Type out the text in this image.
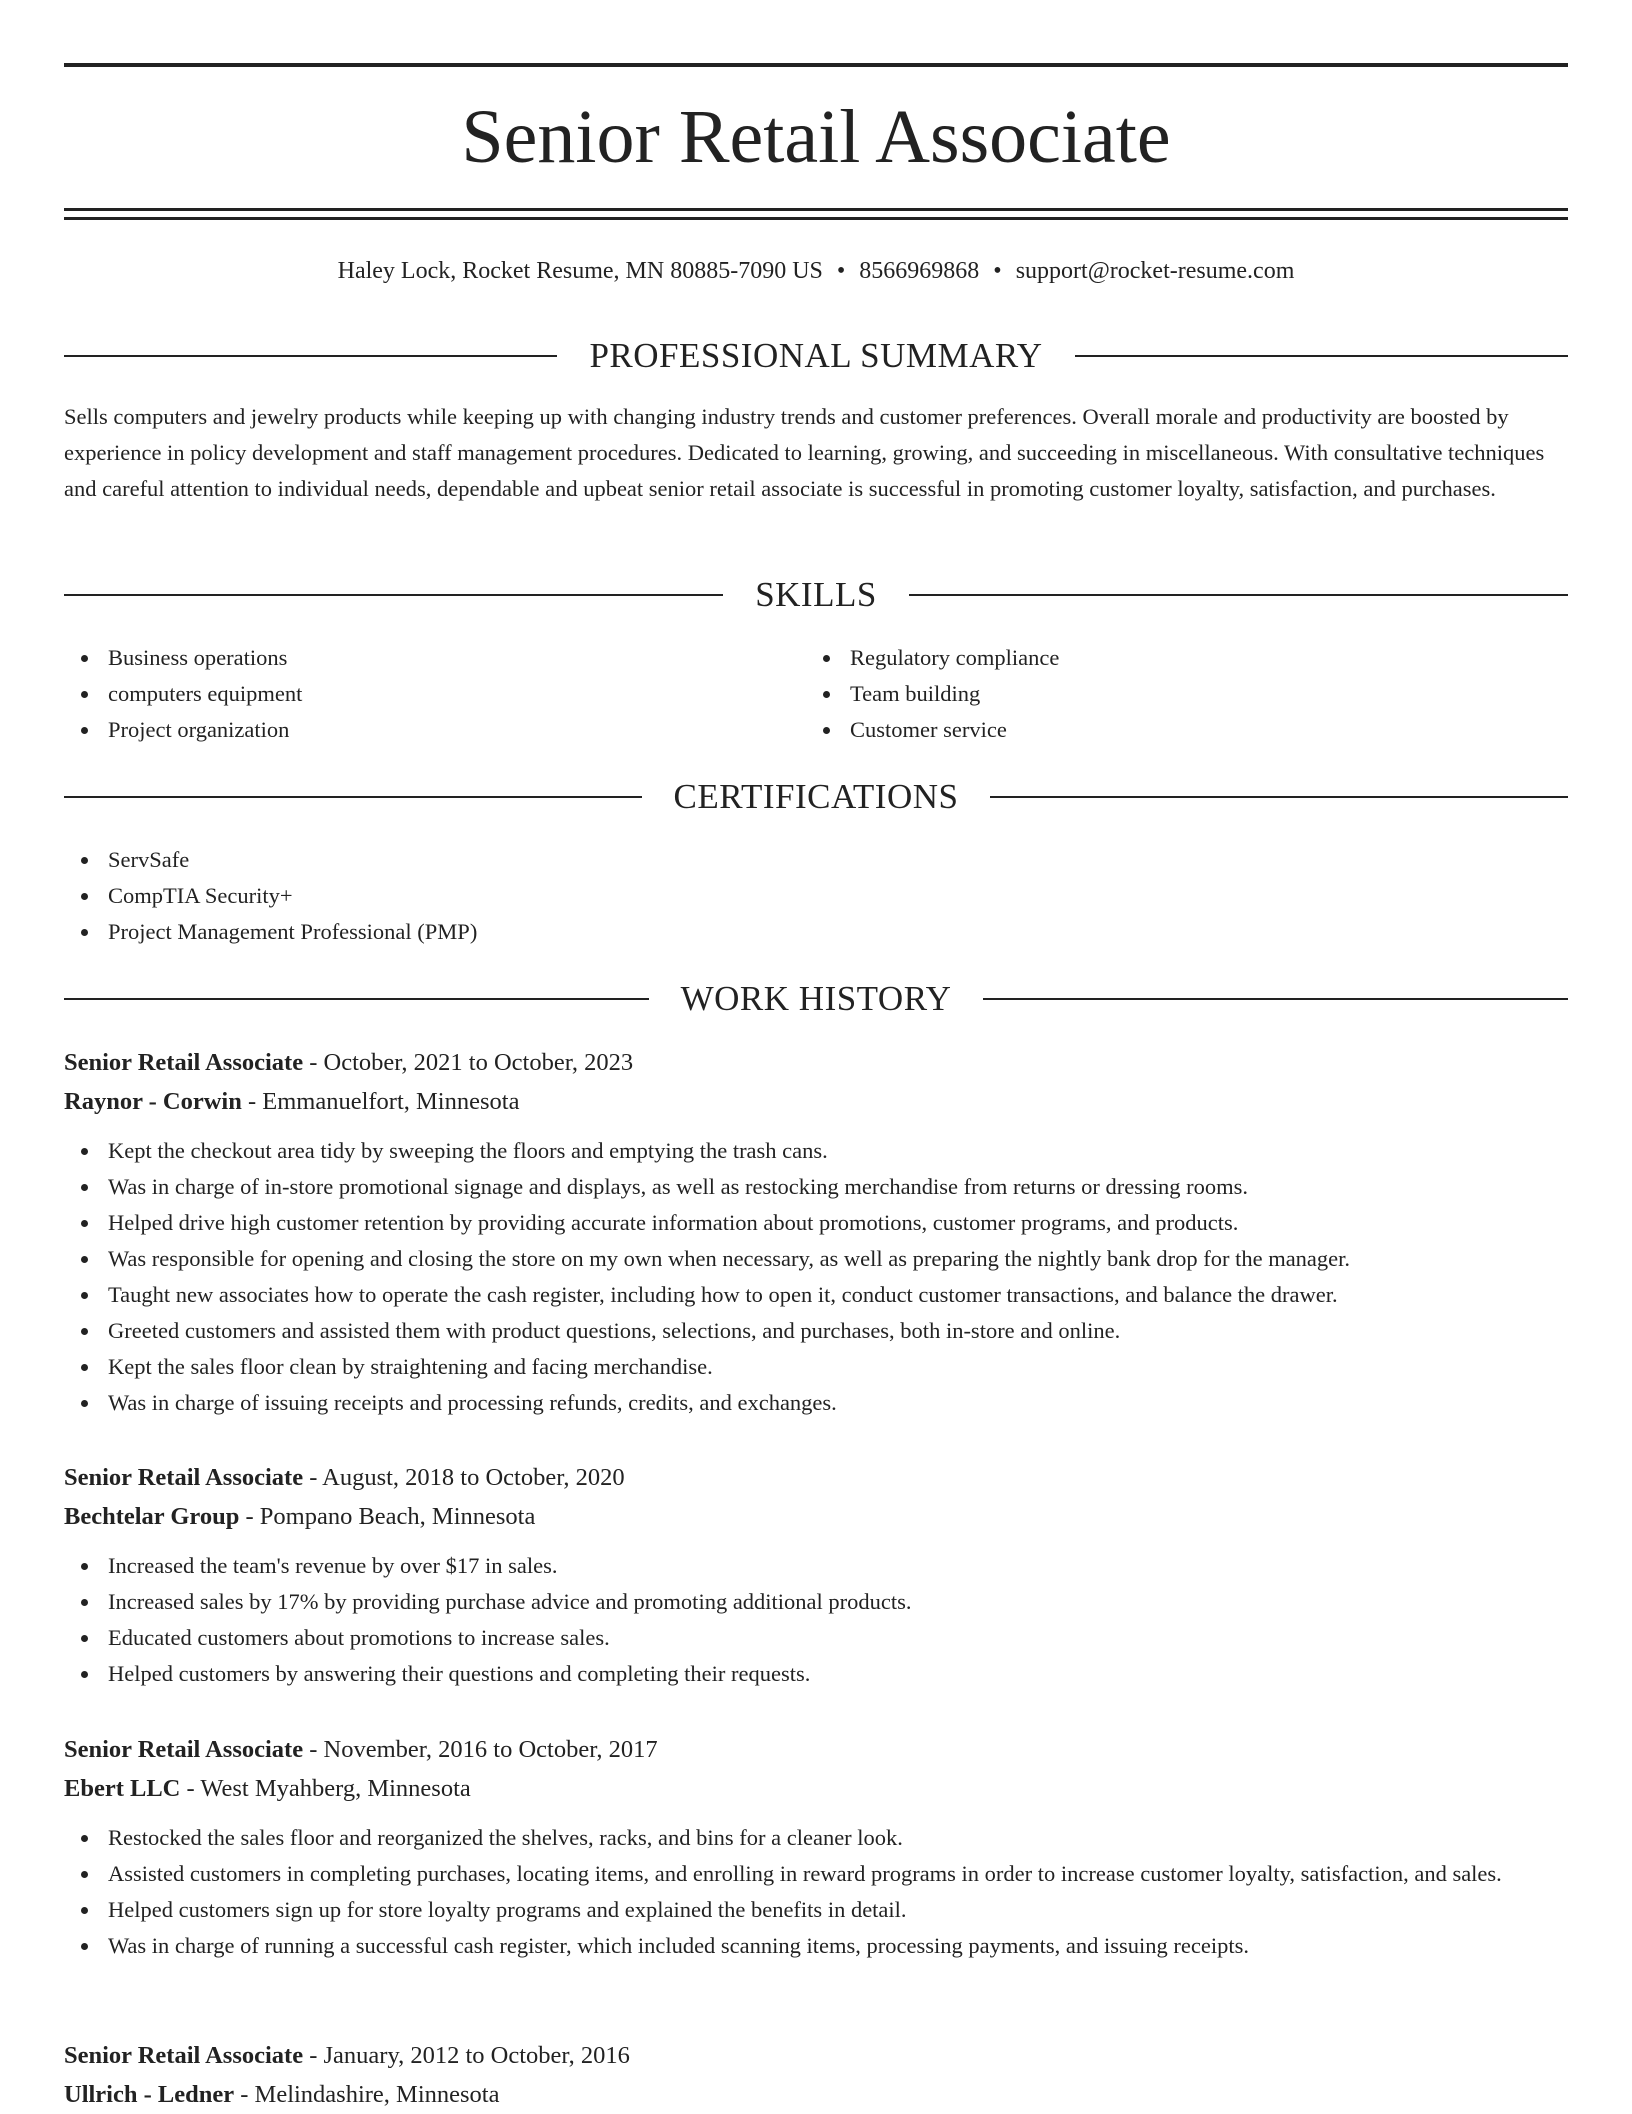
Senior Retail Associate
Haley Lock, Rocket Resume, MN 80885-7090 US • 8566969868 • support@rocket-resume.com
PROFESSIONAL SUMMARY

Sells computers and jewelry products while keeping up with changing industry trends and customer preferences. Overall morale and productivity are boosted by experience in policy development and staff management procedures. Dedicated to learning, growing, and succeeding in miscellaneous. With consultative techniques and careful attention to individual needs, dependable and upbeat senior retail associate is successful in promoting customer loyalty, satisfaction, and purchases.

SKILLS
Business operations
computers equipment
Project organization
Regulatory compliance
Team building
Customer service
CERTIFICATIONS
ServSafe
CompTIA Security+
Project Management Professional (PMP)
WORK HISTORY
Senior Retail Associate - October, 2021 to October, 2023
Raynor - Corwin - Emmanuelfort, Minnesota
Kept the checkout area tidy by sweeping the floors and emptying the trash cans.
Was in charge of in-store promotional signage and displays, as well as restocking merchandise from returns or dressing rooms.
Helped drive high customer retention by providing accurate information about promotions, customer programs, and products.
Was responsible for opening and closing the store on my own when necessary, as well as preparing the nightly bank drop for the manager.
Taught new associates how to operate the cash register, including how to open it, conduct customer transactions, and balance the drawer.
Greeted customers and assisted them with product questions, selections, and purchases, both in-store and online.
Kept the sales floor clean by straightening and facing merchandise.
Was in charge of issuing receipts and processing refunds, credits, and exchanges.
Senior Retail Associate - August, 2018 to October, 2020
Bechtelar Group - Pompano Beach, Minnesota
Increased the team's revenue by over $17 in sales.
Increased sales by 17% by providing purchase advice and promoting additional products.
Educated customers about promotions to increase sales.
Helped customers by answering their questions and completing their requests.
Senior Retail Associate - November, 2016 to October, 2017
Ebert LLC - West Myahberg, Minnesota
Restocked the sales floor and reorganized the shelves, racks, and bins for a cleaner look.
Assisted customers in completing purchases, locating items, and enrolling in reward programs in order to increase customer loyalty, satisfaction, and sales.
Helped customers sign up for store loyalty programs and explained the benefits in detail.
Was in charge of running a successful cash register, which included scanning items, processing payments, and issuing receipts.
Senior Retail Associate - January, 2012 to October, 2016
Ullrich - Ledner - Melindashire, Minnesota
